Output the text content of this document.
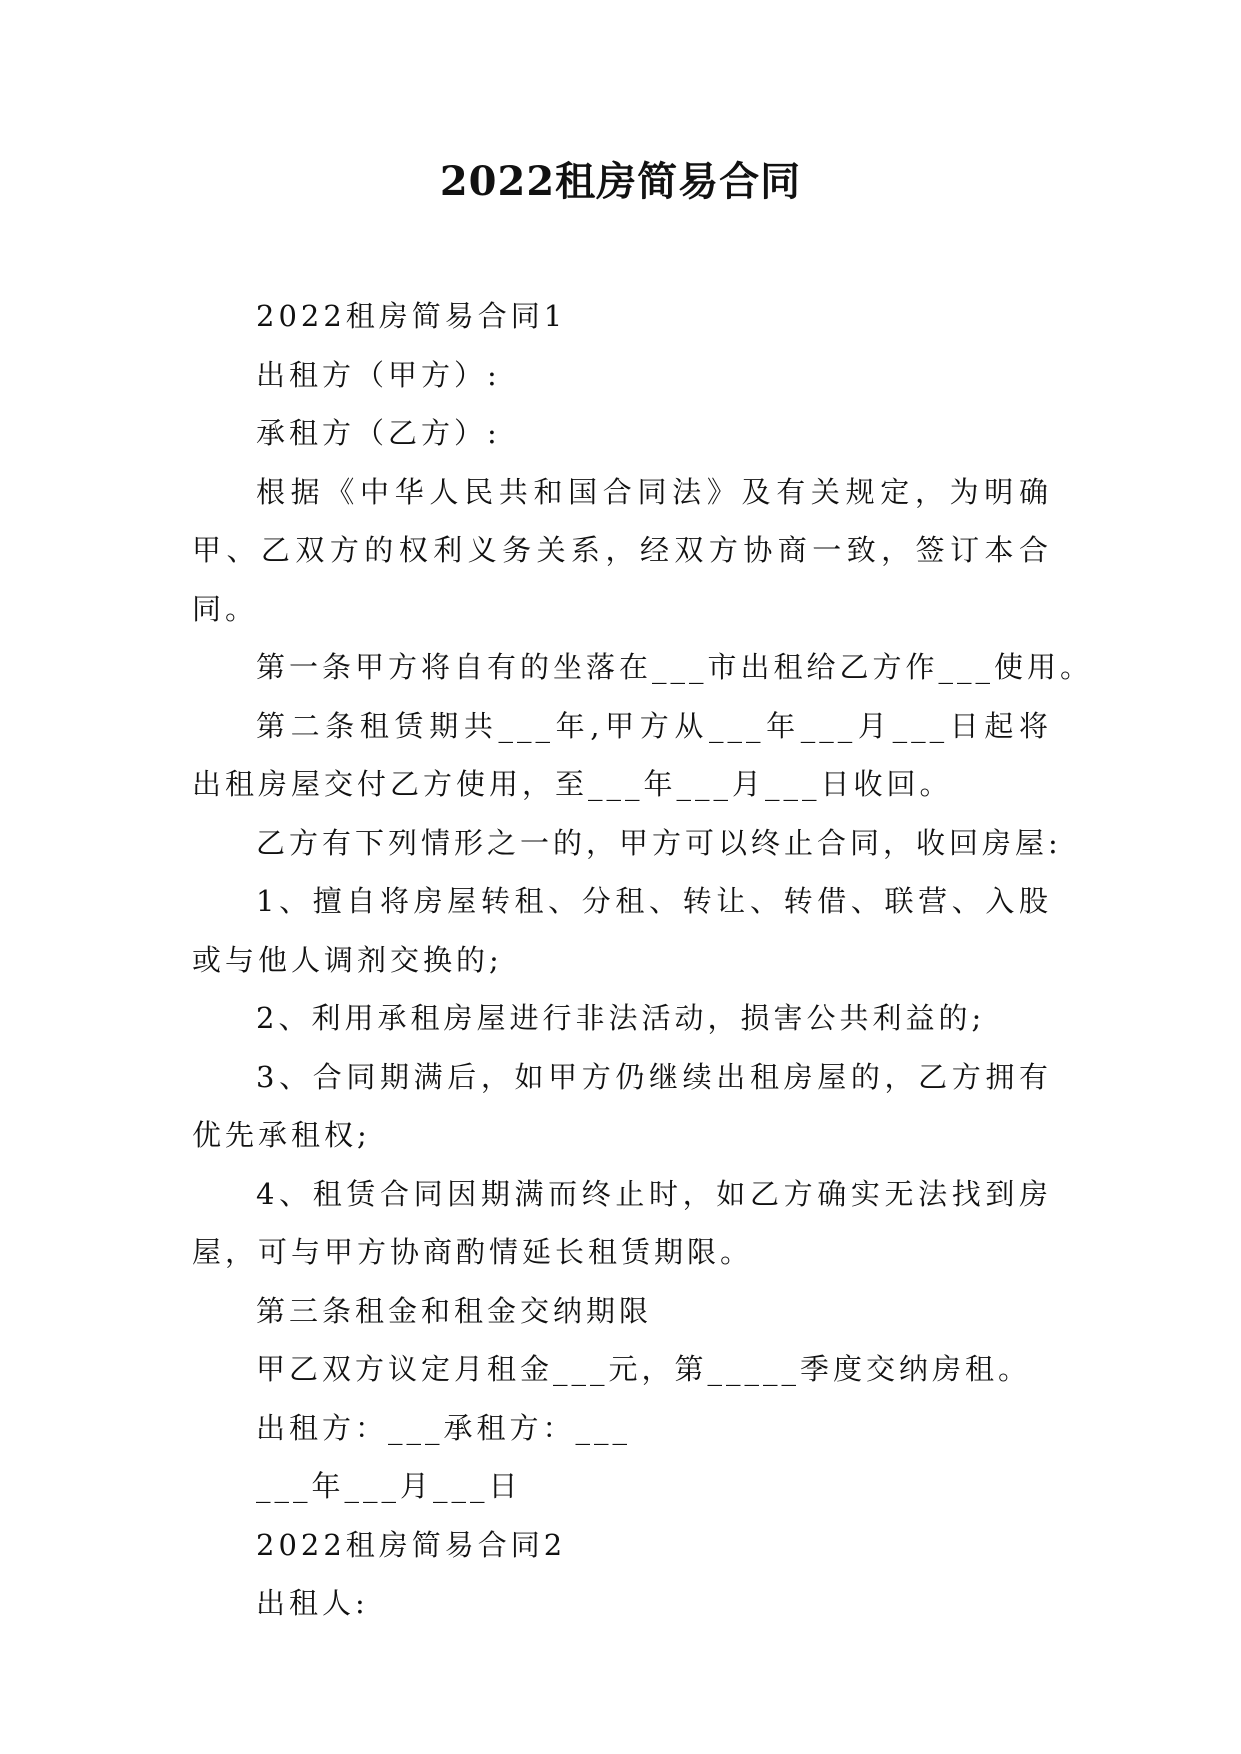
2022租房简易合同

2022租房简易合同1

出租方（甲方）:

承租方（乙方）:

根据《中华人民共和国合同法》及有关规定，为明确甲、乙双方的权利义务关系，经双方协商一致，签订本合同。

第一条甲方将自有的坐落在___市出租给乙方作___使用。

第二条租赁期共___年,甲方从___年___月___日起将出租房屋交付乙方使用，至___年___月___日收回。

乙方有下列情形之一的，甲方可以终止合同，收回房屋:

1、擅自将房屋转租、分租、转让、转借、联营、入股或与他人调剂交换的;

2、利用承租房屋进行非法活动，损害公共利益的;

3、合同期满后，如甲方仍继续出租房屋的，乙方拥有优先承租权;

4、租赁合同因期满而终止时，如乙方确实无法找到房屋，可与甲方协商酌情延长租赁期限。

第三条租金和租金交纳期限

甲乙双方议定月租金___元，第_____季度交纳房租。

出租方：___承租方：___

___年___月___日

2022租房简易合同2

出租人:
